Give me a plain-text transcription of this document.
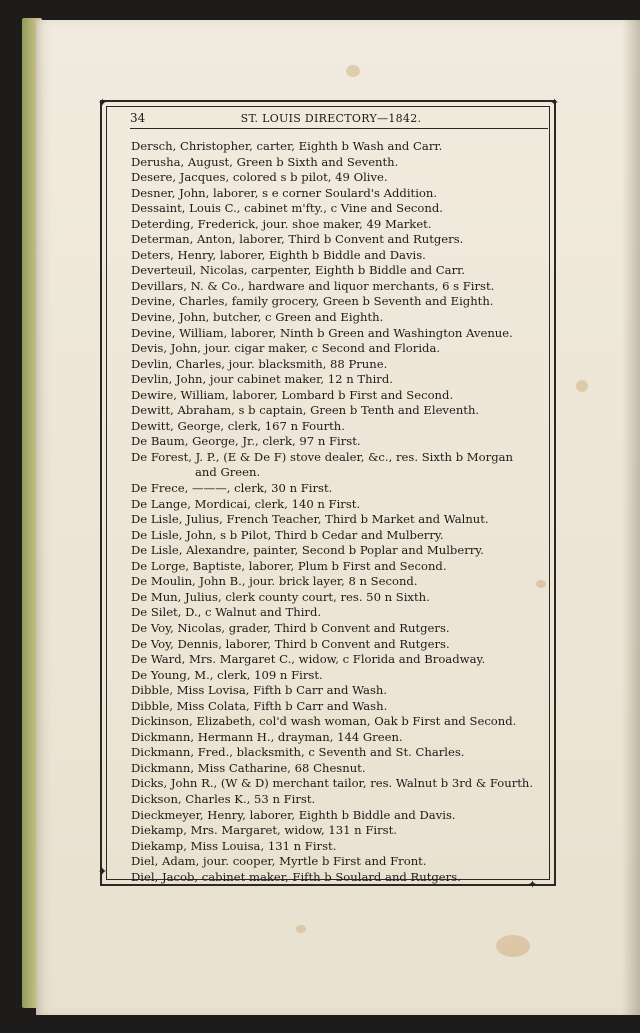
✦	✦
✦
✦
34	ST. LOUIS DIRECTORY—1842.
Dersch, Christopher, carter, Eighth b Wash and Carr.
Derusha, August, Green b Sixth and Seventh.
Desere, Jacques, colored s b pilot, 49 Olive.
Desner, John, laborer, s e corner Soulard's Addition.
Dessaint, Louis C., cabinet m'fty., c Vine and Second.
Deterding, Frederick, jour. shoe maker, 49 Market.
Determan, Anton, laborer, Third b Convent and Rutgers.
Deters, Henry, laborer, Eighth b Biddle and Davis.
Deverteuil, Nicolas, carpenter, Eighth b Biddle and Carr.
Devillars, N. & Co., hardware and liquor merchants, 6 s First.
Devine, Charles, family grocery, Green b Seventh and Eighth.
Devine, John, butcher, c Green and Eighth.
Devine, William, laborer, Ninth b Green and Washington Avenue.
Devis, John, jour. cigar maker, c Second and Florida.
Devlin, Charles, jour. blacksmith, 88 Prune.
Devlin, John, jour cabinet maker, 12 n Third.
Dewire, William, laborer, Lombard b First and Second.
Dewitt, Abraham, s b captain, Green b Tenth and Eleventh.
Dewitt, George, clerk, 167 n Fourth.
De Baum, George, Jr., clerk, 97 n First.
De Forest, J. P., (E & De F) stove dealer, &c., res. Sixth b Morgan
and Green.
De Frece, ———, clerk, 30 n First.
De Lange, Mordicai, clerk, 140 n First.
De Lisle, Julius, French Teacher, Third b Market and Walnut.
De Lisle, John, s b Pilot, Third b Cedar and Mulberry.
De Lisle, Alexandre, painter, Second b Poplar and Mulberry.
De Lorge, Baptiste, laborer, Plum b First and Second.
De Moulin, John B., jour. brick layer, 8 n Second.
De Mun, Julius, clerk county court, res. 50 n Sixth.
De Silet, D., c Walnut and Third.
De Voy, Nicolas, grader, Third b Convent and Rutgers.
De Voy, Dennis, laborer, Third b Convent and Rutgers.
De Ward, Mrs. Margaret C., widow, c Florida and Broadway.
De Young, M., clerk, 109 n First.
Dibble, Miss Lovisa, Fifth b Carr and Wash.
Dibble, Miss Colata, Fifth b Carr and Wash.
Dickinson, Elizabeth, col'd wash woman, Oak b First and Second.
Dickmann, Hermann H., drayman, 144 Green.
Dickmann, Fred., blacksmith, c Seventh and St. Charles.
Dickmann, Miss Catharine, 68 Chesnut.
Dicks, John R., (W & D) merchant tailor, res. Walnut b 3rd & Fourth.
Dickson, Charles K., 53 n First.
Dieckmeyer, Henry, laborer, Eighth b Biddle and Davis.
Diekamp, Mrs. Margaret, widow, 131 n First.
Diekamp, Miss Louisa, 131 n First.
Diel, Adam, jour. cooper, Myrtle b First and Front.
Diel, Jacob, cabinet maker, Fifth b Soulard and Rutgers.
